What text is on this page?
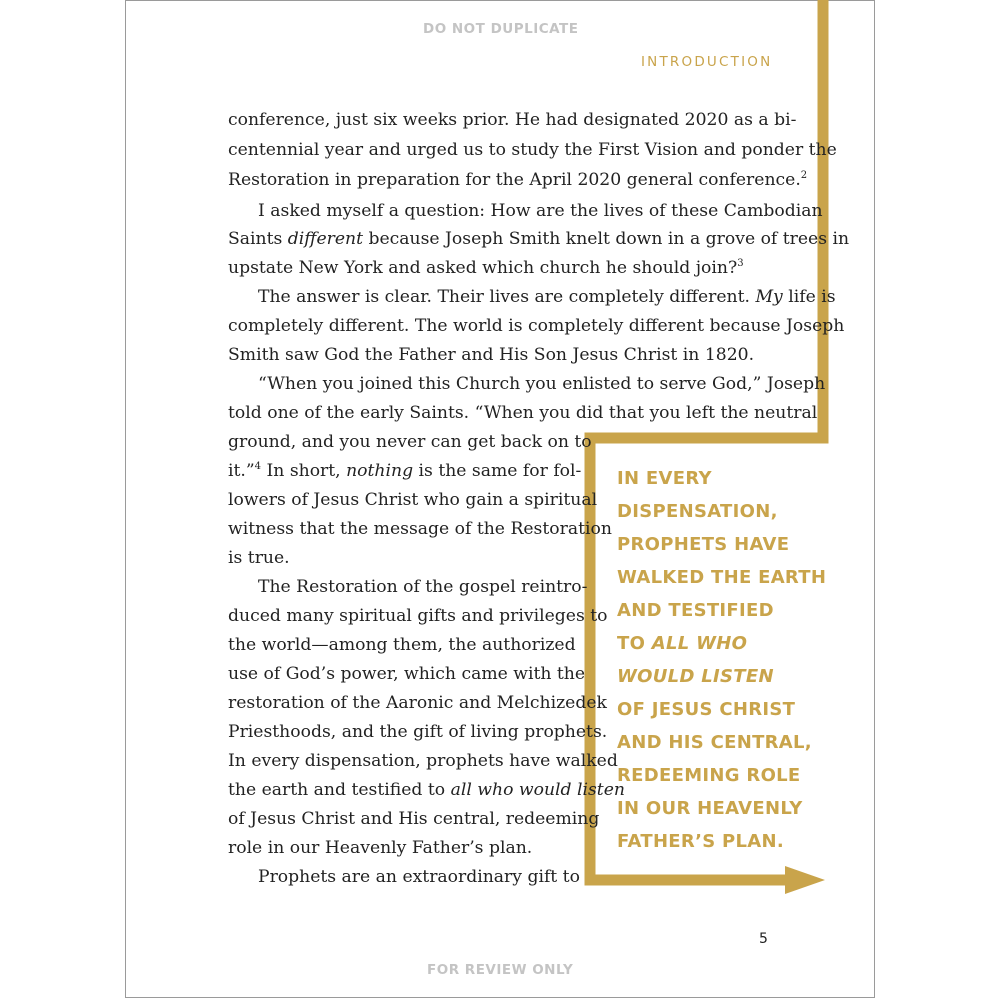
DO NOT DUPLICATE
INTRODUCTION
conference, just six weeks prior. He had designated 2020 as a bi-
centennial year and urged us to study the First Vision and ponder the
Restoration in preparation for the April 2020 general conference.$^2$
I asked myself a question: How are the lives of these Cambodian
Saints different because Joseph Smith knelt down in a grove of trees in
upstate New York and asked which church he should join?$^3$
The answer is clear. Their lives are completely different. My life is
completely different. The world is completely different because Joseph
Smith saw God the Father and His Son Jesus Christ in 1820.
“When you joined this Church you enlisted to serve God,” Joseph
told one of the early Saints. “When you did that you left the neutral
ground, and you never can get back on to
it.”$^4$ In short, nothing is the same for fol-
lowers of Jesus Christ who gain a spiritual
witness that the message of the Restoration
is true.
The Restoration of the gospel reintro-
duced many spiritual gifts and privileges to
the world—among them, the authorized
use of God’s power, which came with the
restoration of the Aaronic and Melchizedek
Priesthoods, and the gift of living prophets.
In every dispensation, prophets have walked
the earth and testified to all who would listen
of Jesus Christ and His central, redeeming
role in our Heavenly Father’s plan.
Prophets are an extraordinary gift to
IN EVERY
DISPENSATION,
PROPHETS HAVE
WALKED THE EARTH
AND TESTIFIED
TO ALL WHO
WOULD LISTEN
OF JESUS CHRIST
AND HIS CENTRAL,
REDEEMING ROLE
IN OUR HEAVENLY
FATHER’S PLAN.
5
FOR REVIEW ONLY
